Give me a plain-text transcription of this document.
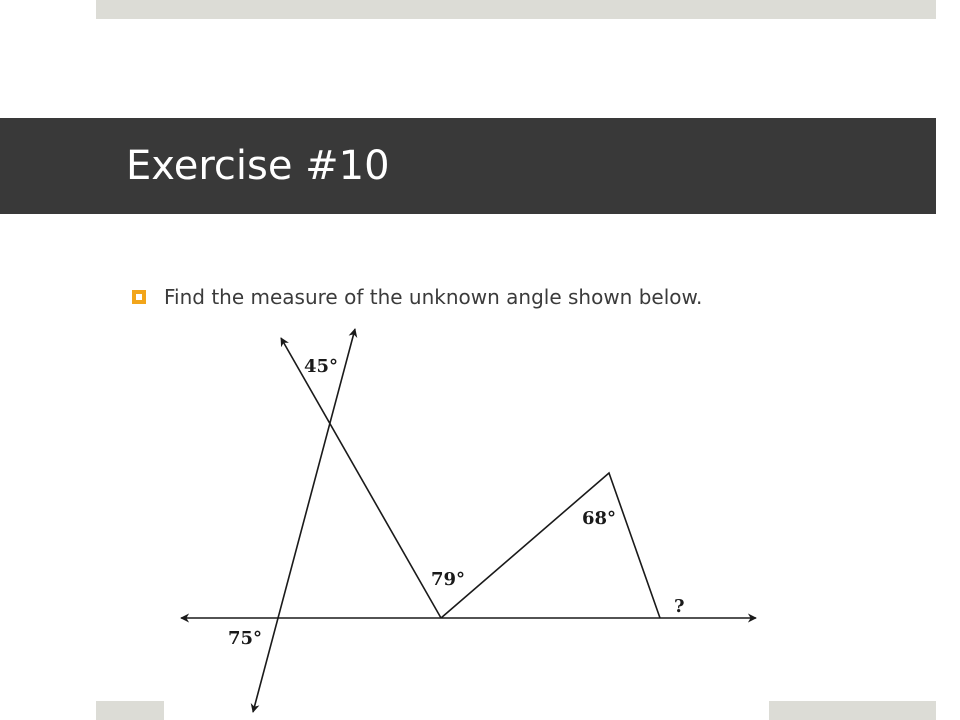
Exercise #10
Find the measure of the unknown angle shown below.
45°
79°
68°
?
75°
